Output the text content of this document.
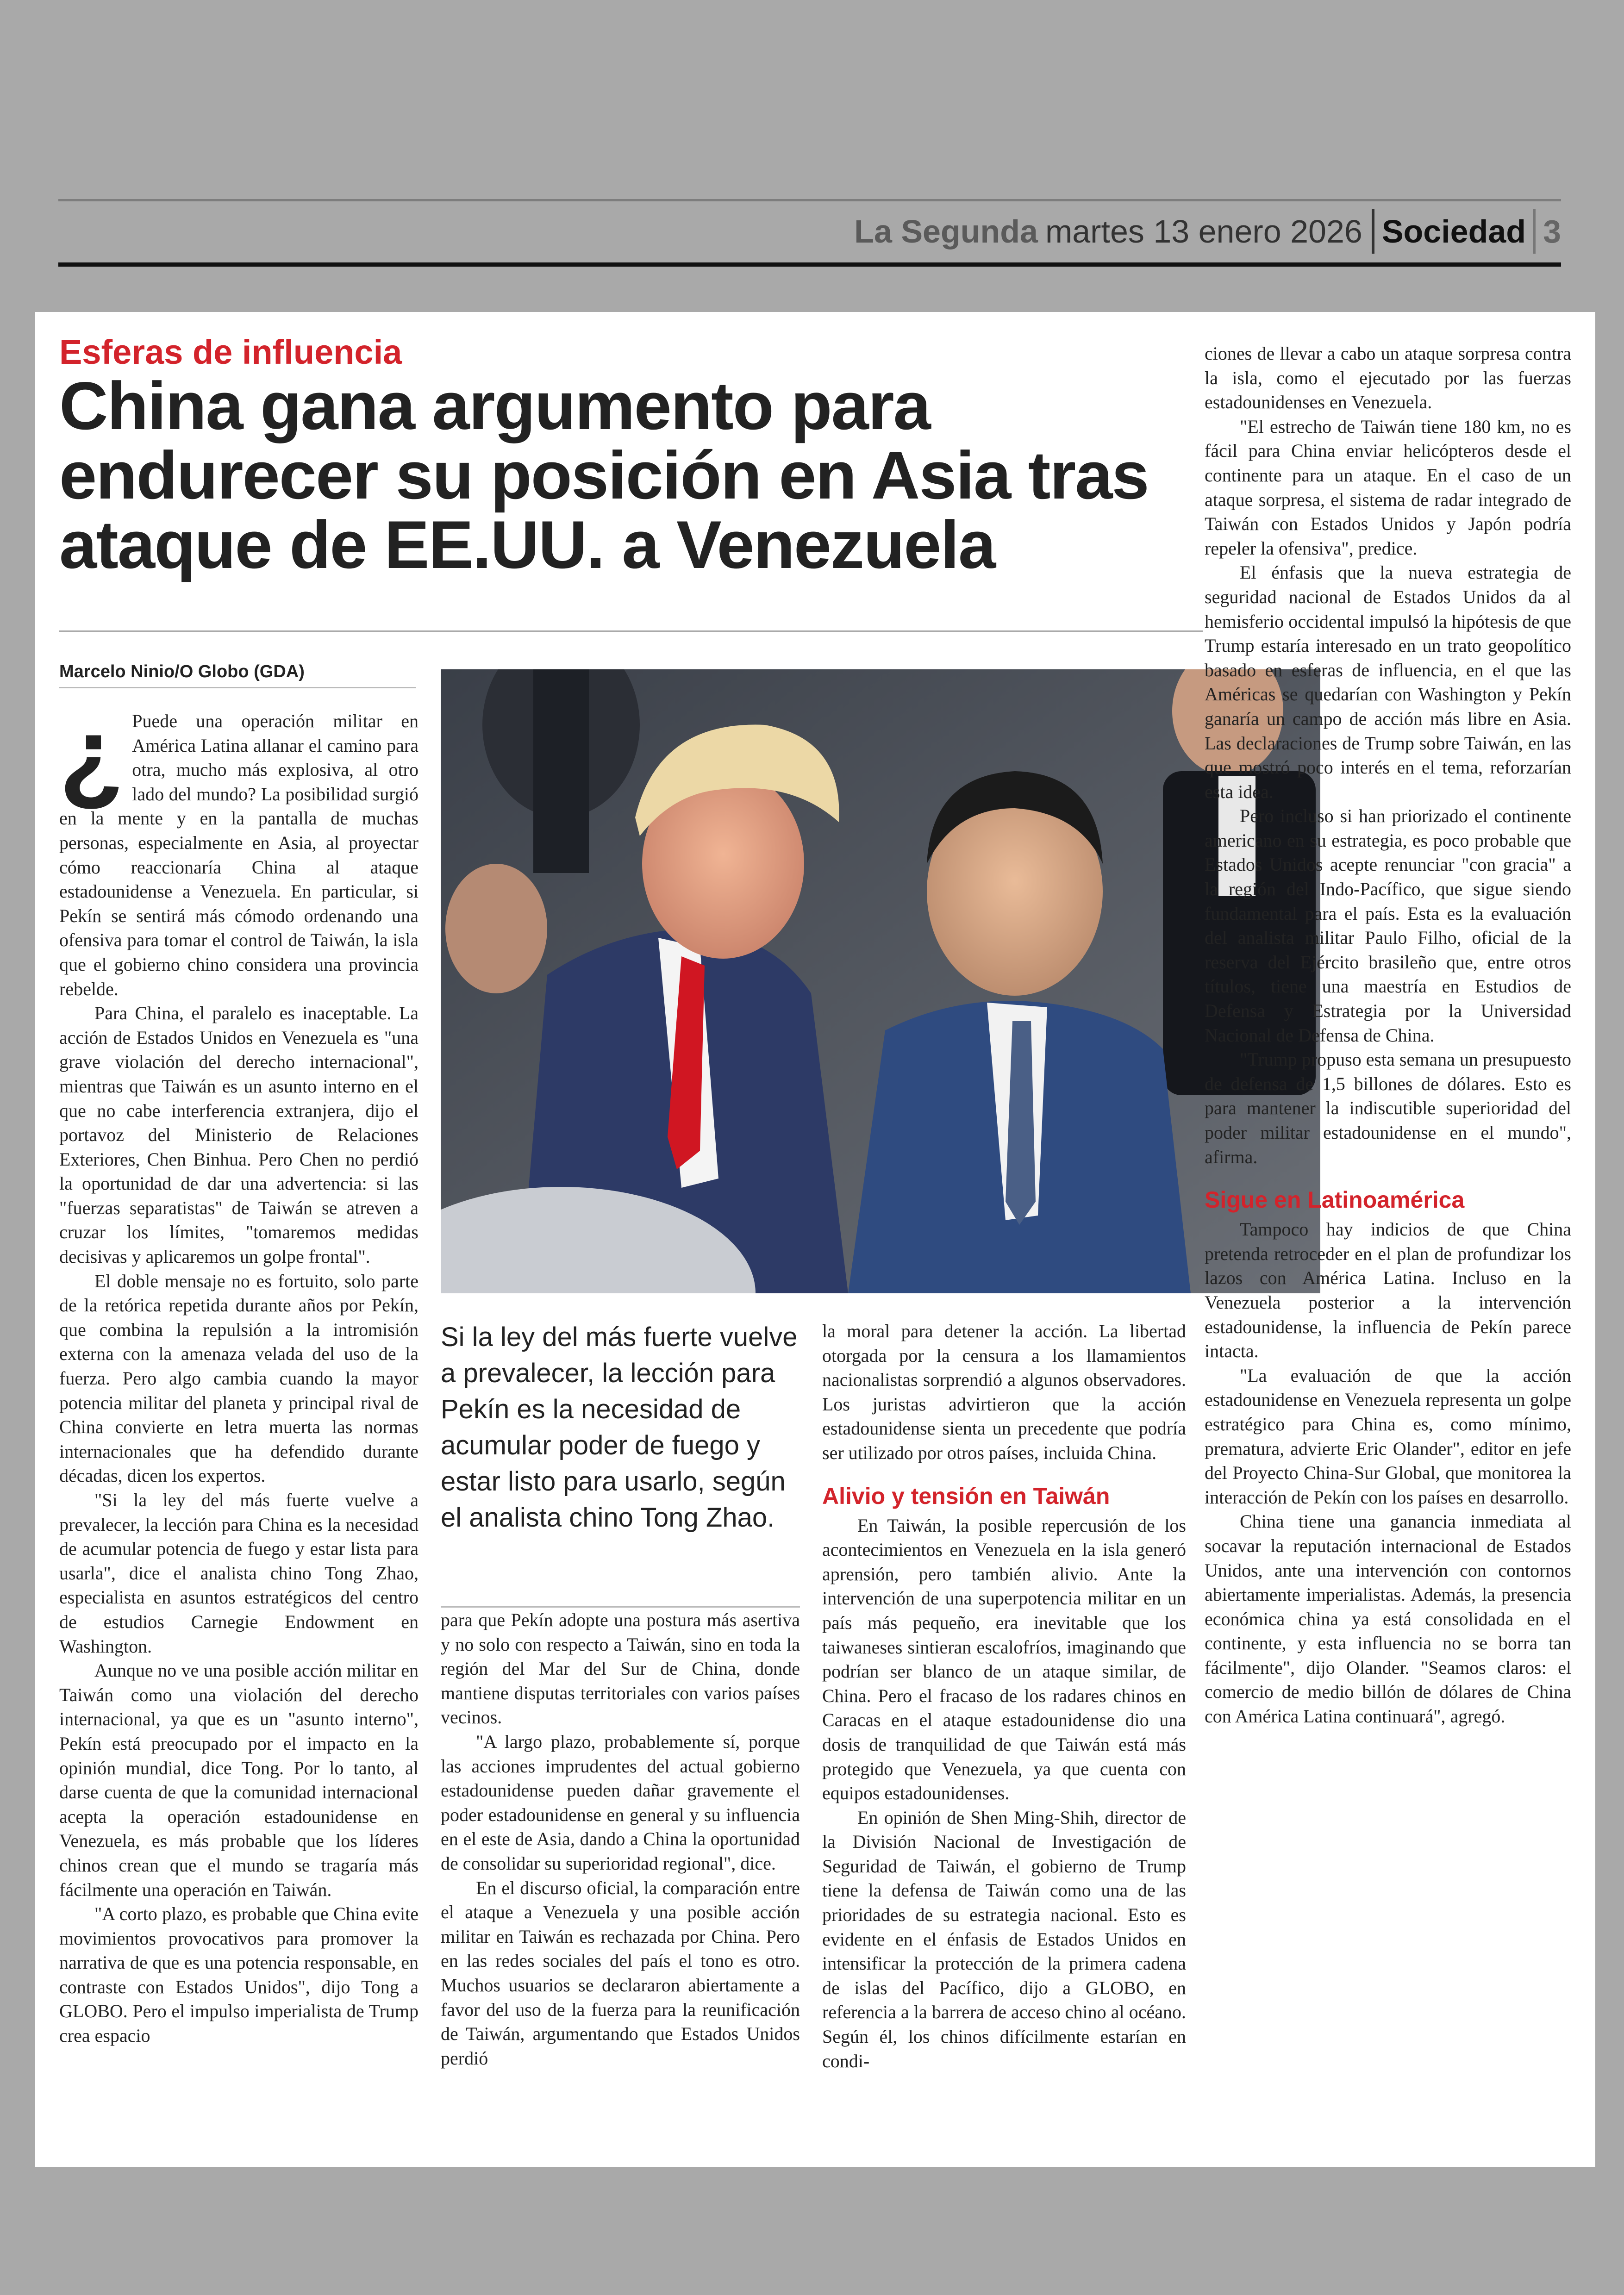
La Segunda martes 13 enero 2026 Sociedad 3
Esferas de influencia
China gana argumento para endurecer su posición en Asia tras ataque de EE.UU. a Venezuela
Marcelo Ninio/O Globo (GDA)
¿ Puede una operación militar en América Latina allanar el camino para otra, mucho más explosiva, al otro lado del mundo? La posibilidad surgió en la mente y en la pantalla de muchas personas, especialmente en Asia, al proyectar cómo reaccionaría China al ataque estadounidense a Venezuela. En particular, si Pekín se sentirá más cómodo ordenando una ofensiva para tomar el control de Taiwán, la isla que el gobierno chino considera una provincia rebelde.

Para China, el paralelo es inaceptable. La acción de Estados Unidos en Venezuela es "una grave violación del derecho internacional", mientras que Taiwán es un asunto interno en el que no cabe interferencia extranjera, dijo el portavoz del Ministerio de Relaciones Exteriores, Chen Binhua. Pero Chen no perdió la oportunidad de dar una advertencia: si las "fuerzas separatistas" de Taiwán se atreven a cruzar los límites, "tomaremos medidas decisivas y aplicaremos un golpe frontal".

El doble mensaje no es fortuito, solo parte de la retórica repetida durante años por Pekín, que combina la repulsión a la intromisión externa con la amenaza velada del uso de la fuerza. Pero algo cambia cuando la mayor potencia militar del planeta y principal rival de China convierte en letra muerta las normas internacionales que ha defendido durante décadas, dicen los expertos.

"Si la ley del más fuerte vuelve a prevalecer, la lección para China es la necesidad de acumular potencia de fuego y estar lista para usarla", dice el analista chino Tong Zhao, especialista en asuntos estratégicos del centro de estudios Carnegie Endowment en Washington.

Aunque no ve una posible acción militar en Taiwán como una violación del derecho internacional, ya que es un "asunto interno", Pekín está preocupado por el impacto en la opinión mundial, dice Tong. Por lo tanto, al darse cuenta de que la comunidad internacional acepta la operación estadounidense en Venezuela, es más probable que los líderes chinos crean que el mundo se tragaría más fácilmente una operación en Taiwán.

"A corto plazo, es probable que China evite movimientos provocativos para promover la narrativa de que es una potencia responsable, en contraste con Estados Unidos", dijo Tong a GLOBO. Pero el impulso imperialista de Trump crea espacio

Si la ley del más fuerte vuelve a prevalecer, la lección para Pekín es la necesidad de acumular poder de fuego y estar listo para usarlo, según el analista chino Tong Zhao.

para que Pekín adopte una postura más asertiva y no solo con respecto a Taiwán, sino en toda la región del Mar del Sur de China, donde mantiene disputas territoriales con varios países vecinos.

"A largo plazo, probablemente sí, porque las acciones imprudentes del actual gobierno estadounidense pueden dañar gravemente el poder estadounidense en general y su influencia en el este de Asia, dando a China la oportunidad de consolidar su superioridad regional", dice.

En el discurso oficial, la comparación entre el ataque a Venezuela y una posible acción militar en Taiwán es rechazada por China. Pero en las redes sociales del país el tono es otro. Muchos usuarios se declararon abiertamente a favor del uso de la fuerza para la reunificación de Taiwán, argumentando que Estados Unidos perdió

la moral para detener la acción. La libertad otorgada por la censura a los llamamientos nacionalistas sorprendió a algunos observadores. Los juristas advirtieron que la acción estadounidense sienta un precedente que podría ser utilizado por otros países, incluida China.

Alivio y tensión en Taiwán

En Taiwán, la posible repercusión de los acontecimientos en Venezuela en la isla generó aprensión, pero también alivio. Ante la intervención de una superpotencia militar en un país más pequeño, era inevitable que los taiwaneses sintieran escalofríos, imaginando que podrían ser blanco de un ataque similar, de China. Pero el fracaso de los radares chinos en Caracas en el ataque estadounidense dio una dosis de tranquilidad de que Taiwán está más protegido que Venezuela, ya que cuenta con equipos estadounidenses.

En opinión de Shen Ming-Shih, director de la División Nacional de Investigación de Seguridad de Taiwán, el gobierno de Trump tiene la defensa de Taiwán como una de las prioridades de su estrategia nacional. Esto es evidente en el énfasis de Estados Unidos en intensificar la protección de la primera cadena de islas del Pacífico, dijo a GLOBO, en referencia a la barrera de acceso chino al océano. Según él, los chinos difícilmente estarían en condi-

ciones de llevar a cabo un ataque sorpresa contra la isla, como el ejecutado por las fuerzas estadounidenses en Venezuela.

"El estrecho de Taiwán tiene 180 km, no es fácil para China enviar helicópteros desde el continente para un ataque. En el caso de un ataque sorpresa, el sistema de radar integrado de Taiwán con Estados Unidos y Japón podría repeler la ofensiva", predice.

El énfasis que la nueva estrategia de seguridad nacional de Estados Unidos da al hemisferio occidental impulsó la hipótesis de que Trump estaría interesado en un trato geopolítico basado en esferas de influencia, en el que las Américas se quedarían con Washington y Pekín ganaría un campo de acción más libre en Asia. Las declaraciones de Trump sobre Taiwán, en las que mostró poco interés en el tema, reforzarían esta idea.

Pero incluso si han priorizado el continente americano en su estrategia, es poco probable que Estados Unidos acepte renunciar "con gracia" a la región del Indo-Pacífico, que sigue siendo fundamental para el país. Esta es la evaluación del analista militar Paulo Filho, oficial de la reserva del Ejército brasileño que, entre otros títulos, tiene una maestría en Estudios de Defensa y Estrategia por la Universidad Nacional de Defensa de China.

"Trump propuso esta semana un presupuesto de defensa de 1,5 billones de dólares. Esto es para mantener la indiscutible superioridad del poder militar estadounidense en el mundo", afirma.

Sigue en Latinoamérica

Tampoco hay indicios de que China pretenda retroceder en el plan de profundizar los lazos con América Latina. Incluso en la Venezuela posterior a la intervención estadounidense, la influencia de Pekín parece intacta.

"La evaluación de que la acción estadounidense en Venezuela representa un golpe estratégico para China es, como mínimo, prematura, advierte Eric Olander", editor en jefe del Proyecto China-Sur Global, que monitorea la interacción de Pekín con los países en desarrollo.

China tiene una ganancia inmediata al socavar la reputación internacional de Estados Unidos, ante una intervención con contornos abiertamente imperialistas. Además, la presencia económica china ya está consolidada en el continente, y esta influencia no se borra tan fácilmente", dijo Olander. "Seamos claros: el comercio de medio billón de dólares de China con América Latina continuará", agregó.
